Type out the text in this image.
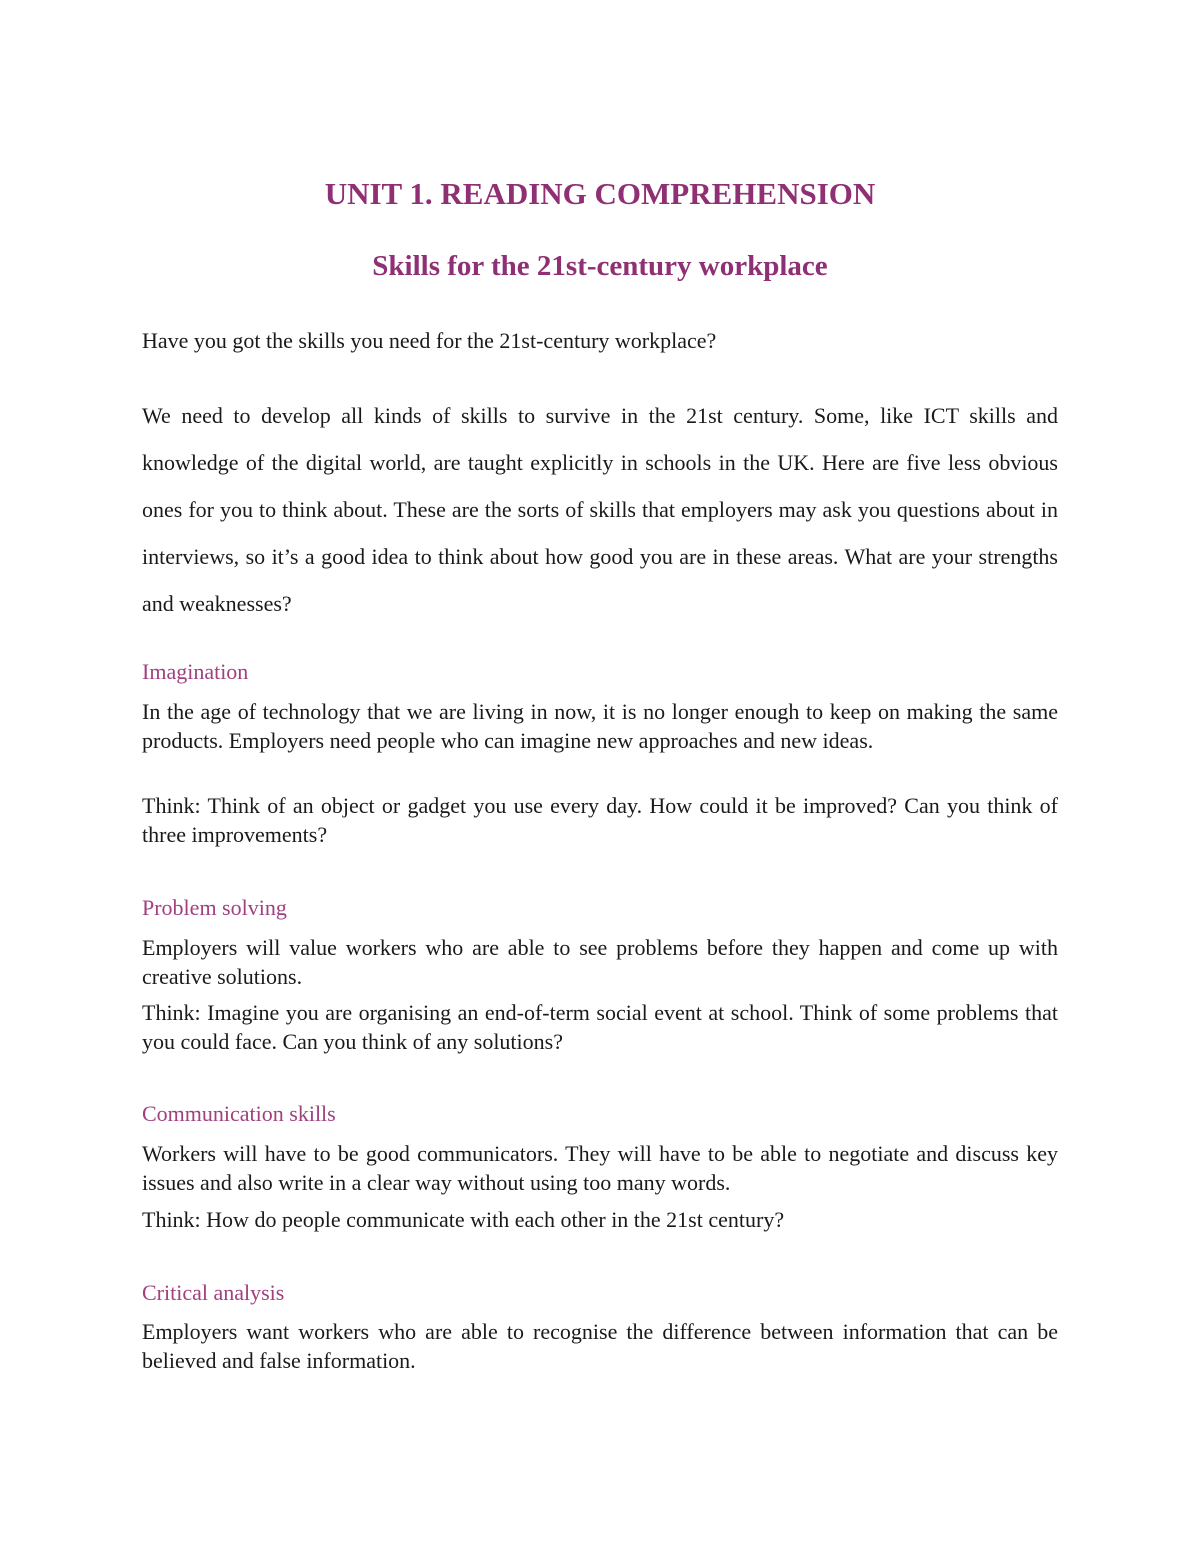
UNIT 1. READING COMPREHENSION
Skills for the 21st-century workplace

Have you got the skills you need for the 21st-century workplace?

We need to develop all kinds of skills to survive in the 21st century. Some, like ICT skills and knowledge of the digital world, are taught explicitly in schools in the UK. Here are five less obvious ones for you to think about. These are the sorts of skills that employers may ask you questions about in interviews, so it’s a good idea to think about how good you are in these areas. What are your strengths and weaknesses?

Imagination

In the age of technology that we are living in now, it is no longer enough to keep on making the same products. Employers need people who can imagine new approaches and new ideas.

Think: Think of an object or gadget you use every day. How could it be improved? Can you think of three improvements?

Problem solving

Employers will value workers who are able to see problems before they happen and come up with creative solutions.

Think: Imagine you are organising an end-of-term social event at school. Think of some problems that you could face. Can you think of any solutions?

Communication skills

Workers will have to be good communicators. They will have to be able to negotiate and discuss key issues and also write in a clear way without using too many words.

Think: How do people communicate with each other in the 21st century?

Critical analysis

Employers want workers who are able to recognise the difference between information that can be believed and false information.
